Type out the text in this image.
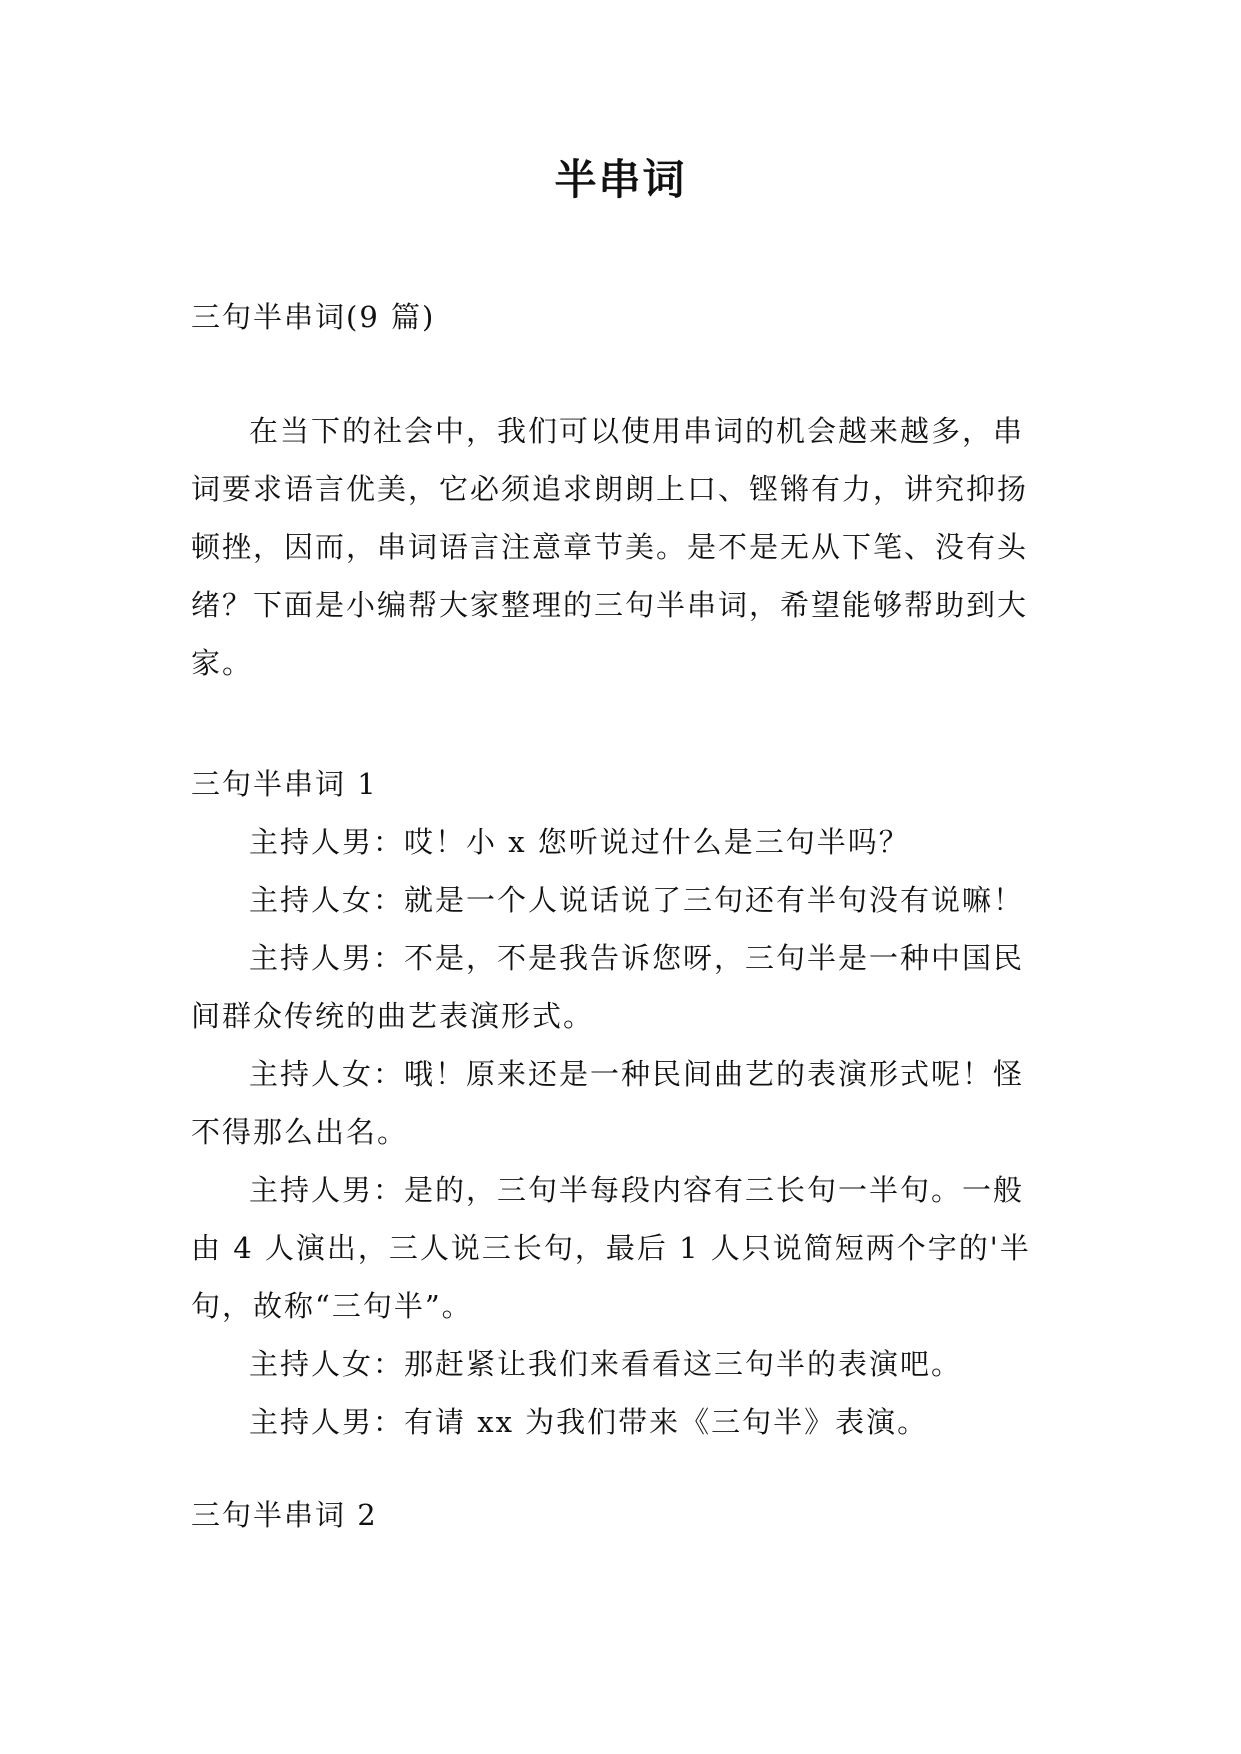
半串词

三句半串词(9 篇)

在当下的社会中，我们可以使用串词的机会越来越多，串词要求语言优美，它必须追求朗朗上口、铿锵有力，讲究抑扬顿挫，因而，串词语言注意章节美。是不是无从下笔、没有头绪？下面是小编帮大家整理的三句半串词，希望能够帮助到大家。

三句半串词 1

主持人男：哎！小 x 您听说过什么是三句半吗？

主持人女：就是一个人说话说了三句还有半句没有说嘛！

主持人男：不是，不是我告诉您呀，三句半是一种中国民间群众传统的曲艺表演形式。

主持人女：哦！原来还是一种民间曲艺的表演形式呢！怪不得那么出名。

主持人男：是的，三句半每段内容有三长句一半句。一般由 4 人演出，三人说三长句，最后 1 人只说简短两个字的'半句，故称“三句半”。

主持人女：那赶紧让我们来看看这三句半的表演吧。

主持人男：有请 xx 为我们带来《三句半》表演。

三句半串词 2
